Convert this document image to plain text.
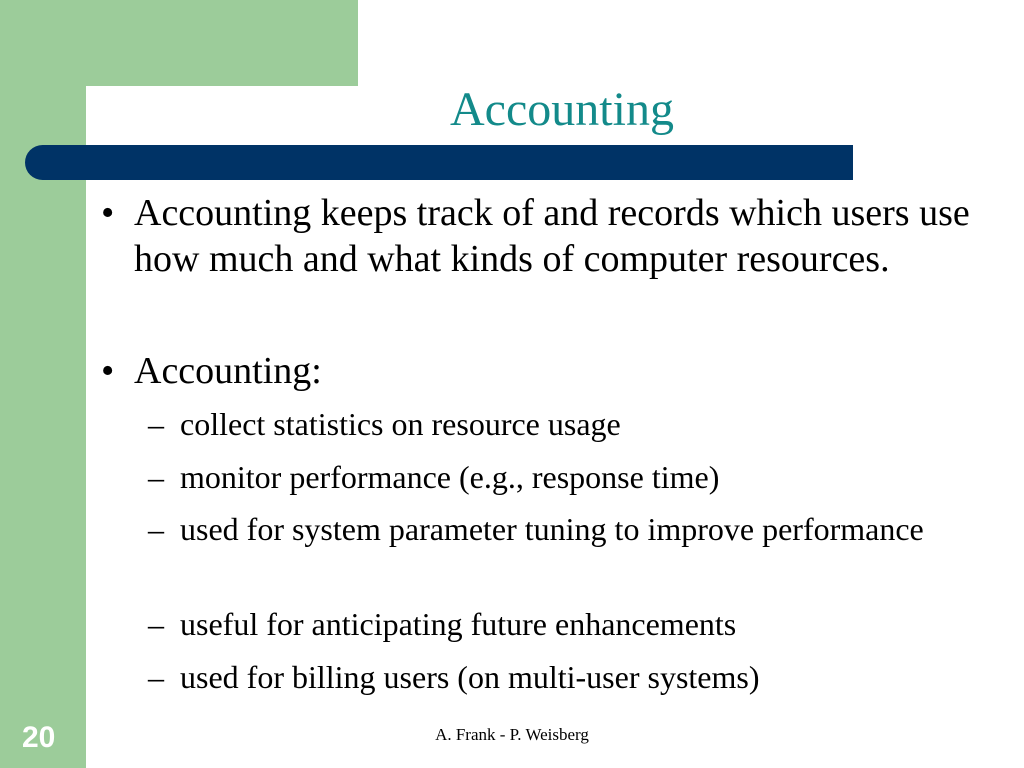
Accounting
• Accounting keeps track of and records which users use how much and what kinds of computer resources.
• Accounting:
– collect statistics on resource usage
– monitor performance (e.g., response time)
– used for system parameter tuning to improve performance
– useful for anticipating future enhancements
– used for billing users (on multi-user systems)
20	A. Frank - P. Weisberg
